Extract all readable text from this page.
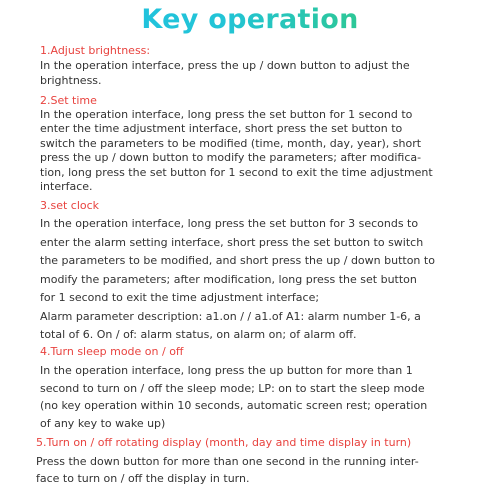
Key operation
1.Adjust brightness:
In the operation interface, press the up / down button to adjust the
brightness.
2.Set time
In the operation interface, long press the set button for 1 second to
enter the time adjustment interface, short press the set button to
switch the parameters to be modified (time, month, day, year), short
press the up / down button to modify the parameters; after modifica-
tion, long press the set button for 1 second to exit the time adjustment
interface.
3.set clock
In the operation interface, long press the set button for 3 seconds to
enter the alarm setting interface, short press the set button to switch
the parameters to be modified, and short press the up / down button to
modify the parameters; after modification, long press the set button
for 1 second to exit the time adjustment interface;
Alarm parameter description: a1.on / / a1.of A1: alarm number 1-6, a
total of 6. On / of: alarm status, on alarm on; of alarm off.
4.Turn sleep mode on / off
In the operation interface, long press the up button for more than 1
second to turn on / off the sleep mode; LP: on to start the sleep mode
(no key operation within 10 seconds, automatic screen rest; operation
of any key to wake up)
5.Turn on / off rotating display (month, day and time display in turn)
Press the down button for more than one second in the running inter-
face to turn on / off the display in turn.
